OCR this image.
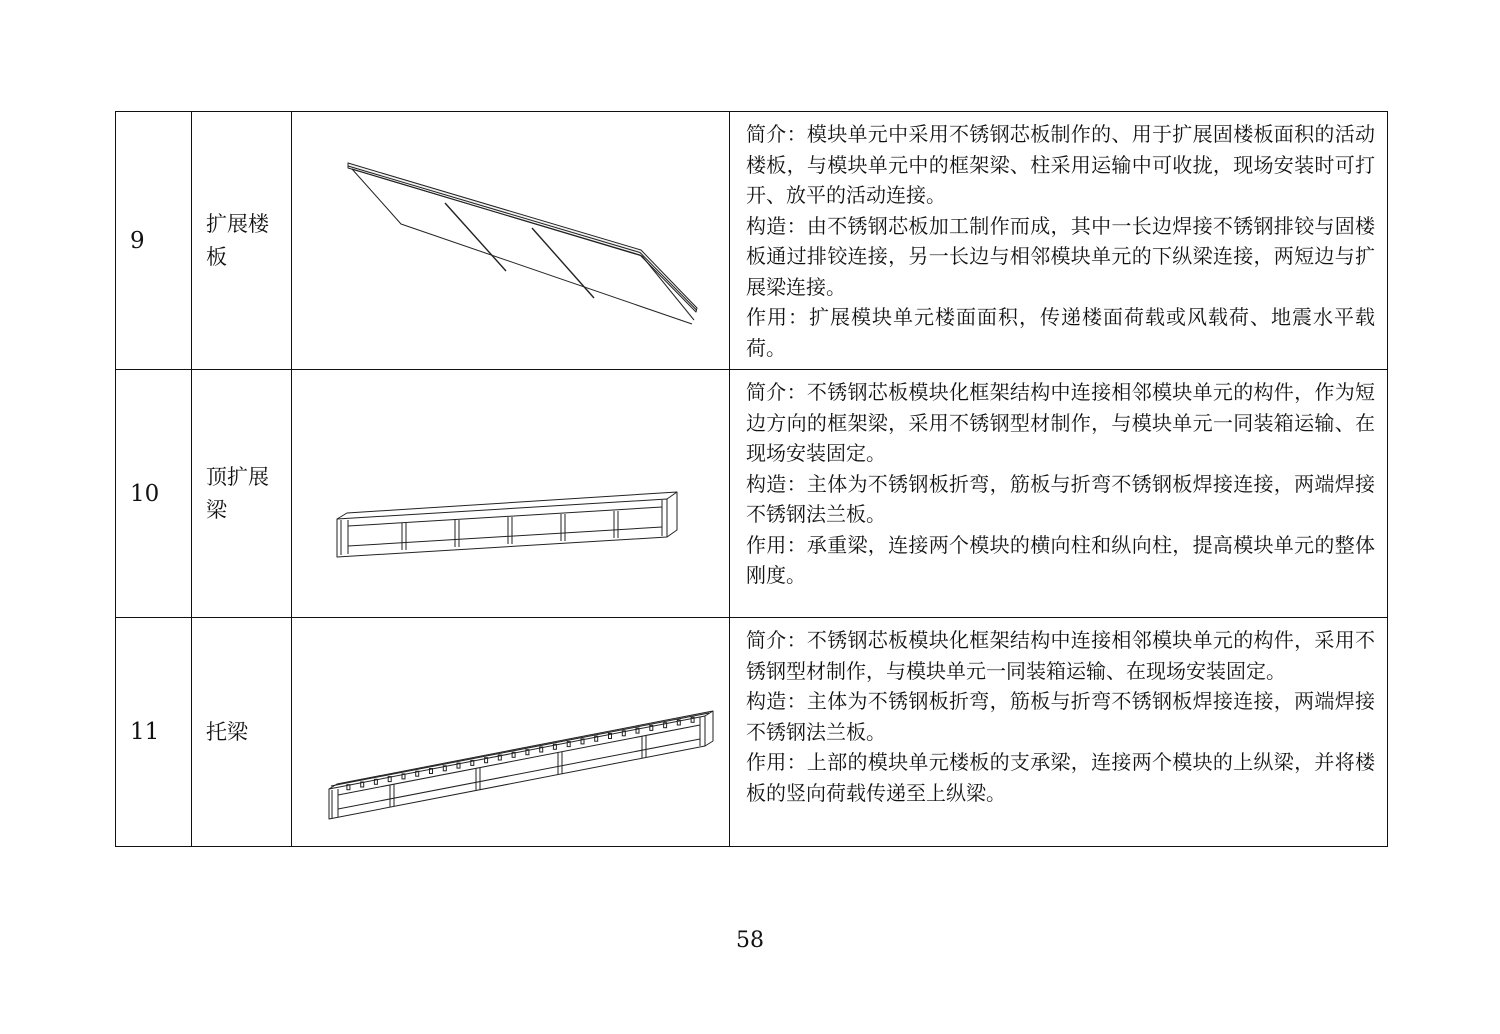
9	扩展楼板		简介：模块单元中采用不锈钢芯板制作的、用于扩展固楼板面积的活动楼板，与模块单元中的框架梁、柱采用运输中可收拢，现场安装时可打开、放平的活动连接。

构造：由不锈钢芯板加工制作而成，其中一长边焊接不锈钢排铰与固楼板通过排铰连接，另一长边与相邻模块单元的下纵梁连接，两短边与扩展梁连接。

作用：扩展模块单元楼面面积，传递楼面荷载或风载荷、地震水平载荷。

10	顶扩展梁		简介：不锈钢芯板模块化框架结构中连接相邻模块单元的构件，作为短边方向的框架梁，采用不锈钢型材制作，与模块单元一同装箱运输、在现场安装固定。

构造：主体为不锈钢板折弯，筋板与折弯不锈钢板焊接连接，两端焊接不锈钢法兰板。

作用：承重梁，连接两个模块的横向柱和纵向柱，提高模块单元的整体刚度。

11	托梁		简介：不锈钢芯板模块化框架结构中连接相邻模块单元的构件，采用不锈钢型材制作，与模块单元一同装箱运输、在现场安装固定。

构造：主体为不锈钢板折弯，筋板与折弯不锈钢板焊接连接，两端焊接不锈钢法兰板。

作用：上部的模块单元楼板的支承梁，连接两个模块的上纵梁，并将楼板的竖向荷载传递至上纵梁。

58
